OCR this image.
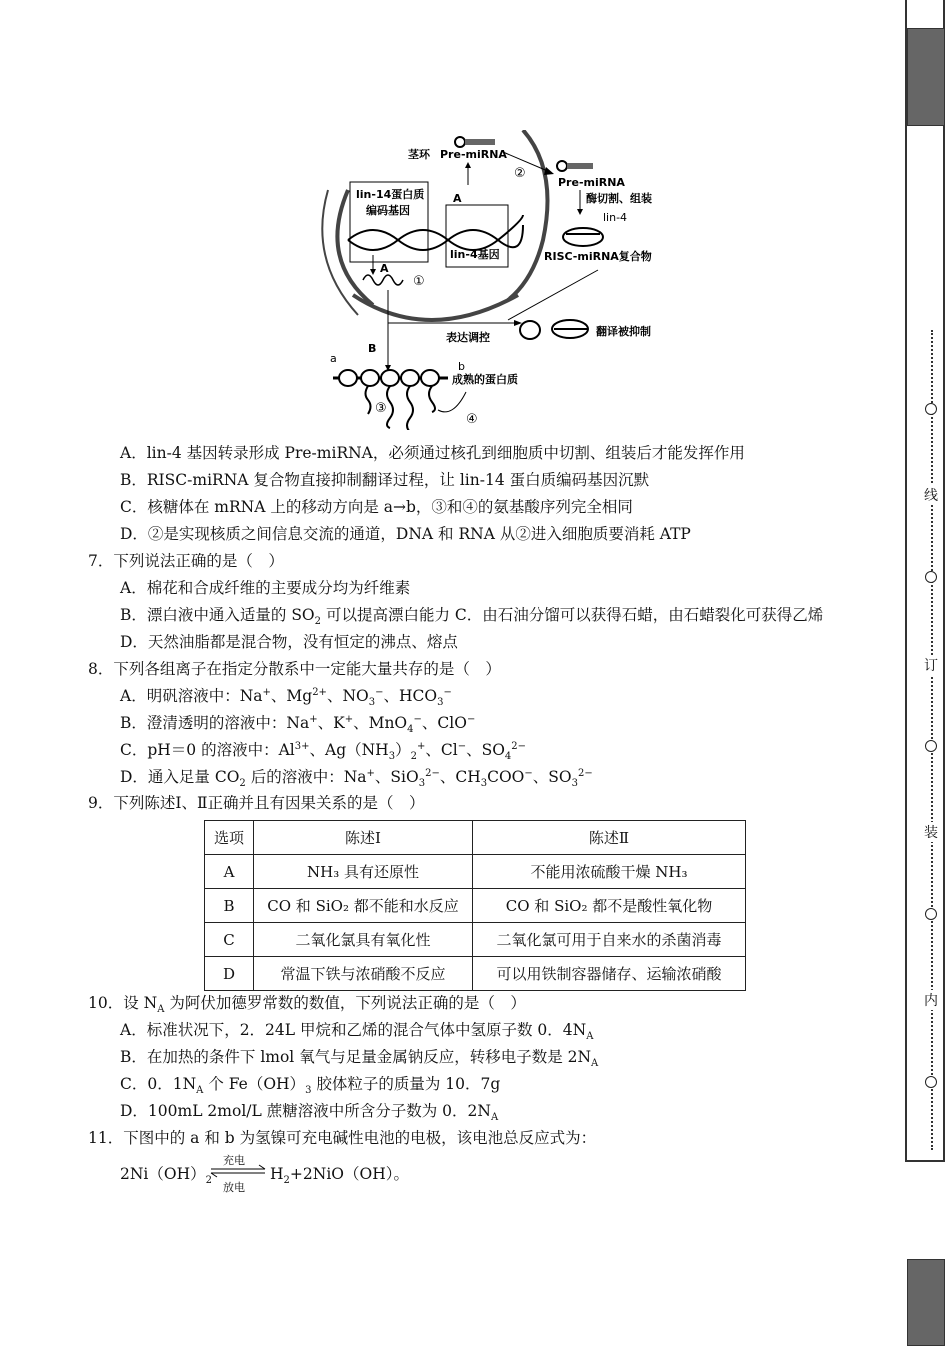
线
订
装
内
茎环 Pre-miRNA
A
②
Pre-miRNA
酶切割、组装
lin-4
RISC-miRNA复合物
lin-14蛋白质
编码基因
lin-4基因
A
①
表达调控	翻译被抑制
B
a
b
成熟的蛋白质
③
④
A．lin-4 基因转录形成 Pre-miRNA，必须通过核孔到细胞质中切割、组装后才能发挥作用
B．RISC-miRNA 复合物直接抑制翻译过程，让 lin-14 蛋白质编码基因沉默
C．核糖体在 mRNA 上的移动方向是 a→b，③和④的氨基酸序列完全相同
D．②是实现核质之间信息交流的通道，DNA 和 RNA 从②进入细胞质要消耗 ATP
7．下列说法正确的是（　）
A．棉花和合成纤维的主要成分均为纤维素
B．漂白液中通入适量的 $SO_2$ 可以提高漂白能力 C．由石油分馏可以获得石蜡，由石蜡裂化可获得乙烯
D．天然油脂都是混合物，没有恒定的沸点、熔点
8．下列各组离子在指定分散系中一定能大量共存的是（　）
A．明矾溶液中：Na+、$Mg^{2+}$、$NO_3^-$、$HCO_3^-$
B．澄清透明的溶液中：Na+、K+、MnO$_4$−、ClO−
C．pH＝0 的溶液中：$Al^{3+}$、$Ag(NH_3)_2^+$、Cl−、$SO_4^{2-}$
D．通入足量 $CO_2$ 后的溶液中：Na+、SiO$_3^{2-}$、$CH_3COO^-$、$SO_3^{2-}$
9．下列陈述Ⅰ、Ⅱ正确并且有因果关系的是（　）
选项	陈述Ⅰ	陈述Ⅱ
A	NH₃ 具有还原性	不能用浓硫酸干燥 NH₃
B	CO 和 SiO₂ 都不能和水反应	CO 和 SiO₂ 都不是酸性氧化物
C	二氧化氯具有氧化性	二氧化氯可用于自来水的杀菌消毒
D	常温下铁与浓硝酸不反应	可以用铁制容器储存、运输浓硝酸
10．设 $N_A$ 为阿伏加德罗常数的数值，下列说法正确的是（　）
A．标准状况下，2．24L 甲烷和乙烯的混合气体中氢原子数 0．$4N_A$
B．在加热的条件下 lmol 氧气与足量金属钠反应，转移电子数是 $2N_A$
C．0．$1N_A$ 个 $Fe(OH)_3$ 胶体粒子的质量为 10．7g
D．100mL 2mol/L 蔗糖溶液中所含分子数为 0．$2N_A$
11．下图中的 a 和 b 为氢镍可充电碱性电池的电极，该电池总反应式为：
$2Ni(OH)_2$
充电
放电
$H_2+2NiO(OH)$。
